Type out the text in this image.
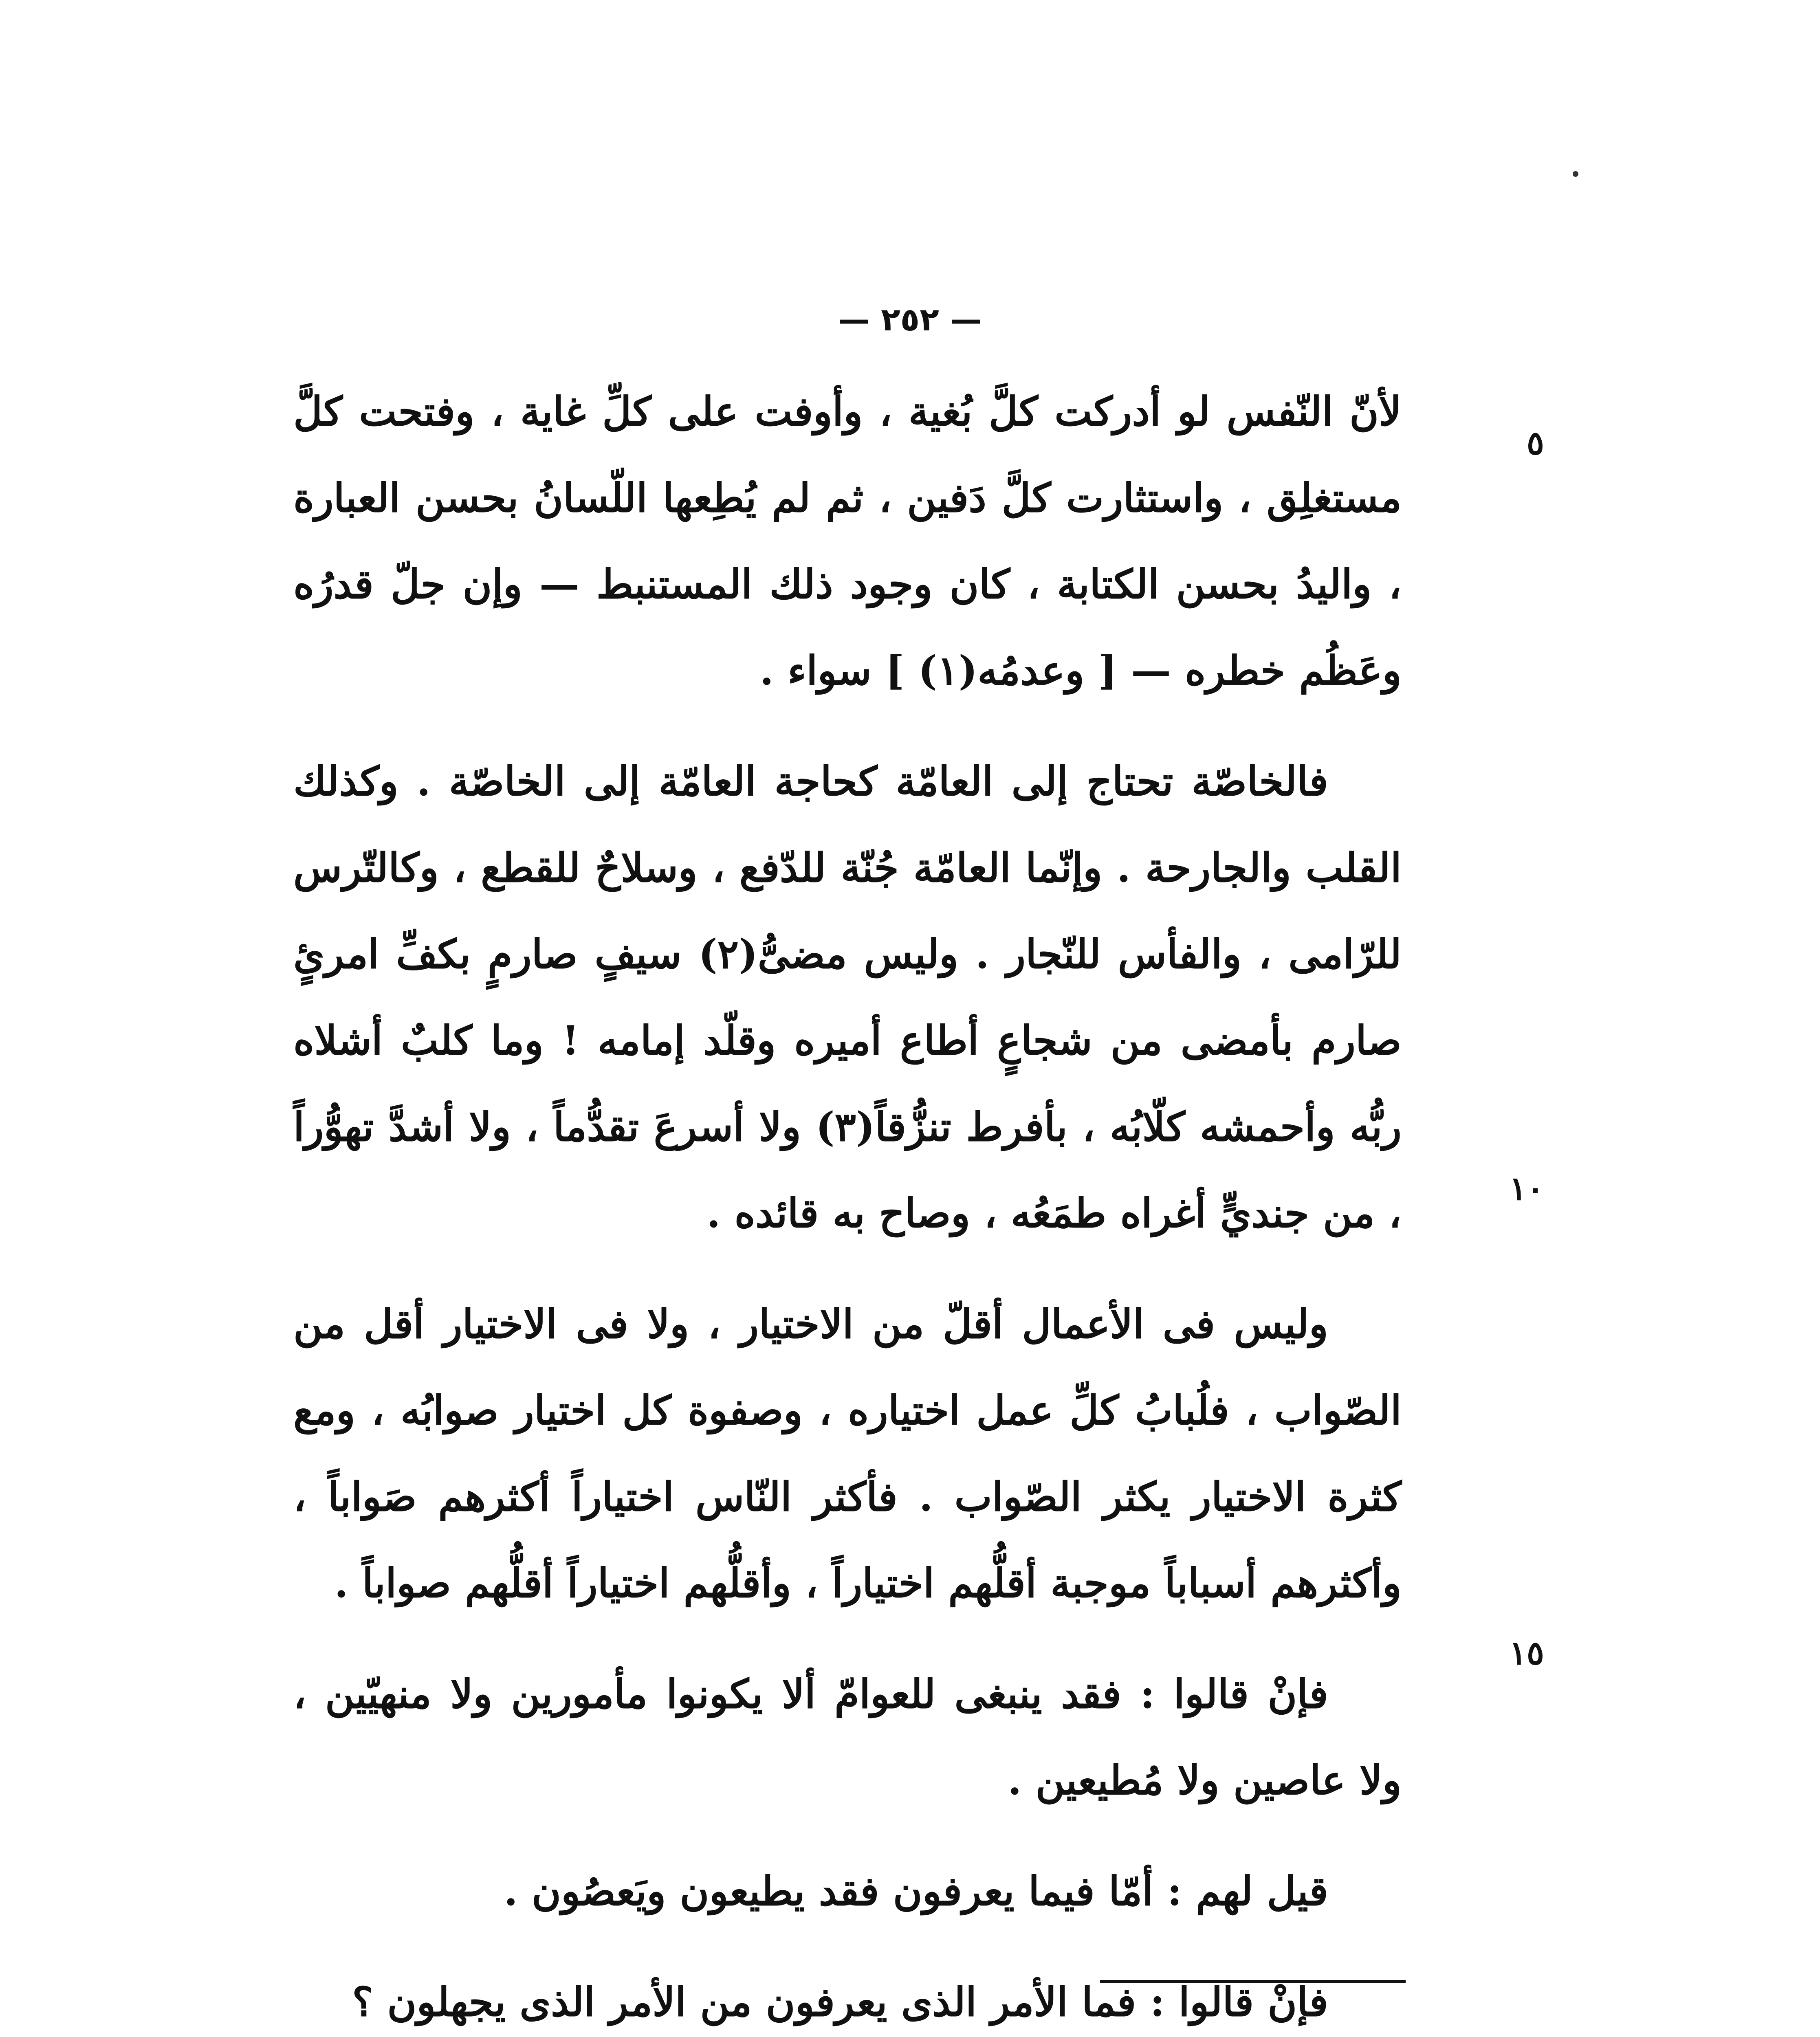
— ٢٥٢ —

لأنّ النّفس لو أدركت كلَّ بُغية ، وأوفت على كلِّ غاية ، وفتحت كلَّ مستغلِق ، واستثارت كلَّ دَفين ، ثم لم يُطِعها اللّسانُ بحسن العبارة ، واليدُ بحسن الكتابة ، كان وجود ذلك المستنبط — وإن جلّ قدرُه وعَظُم خطره — [ وعدمُه(١) ] سواء .

فالخاصّة تحتاج إلى العامّة كحاجة العامّة إلى الخاصّة . وكذلك القلب والجارحة . وإنّما العامّة جُنّة للدّفع ، وسلاحٌ للقطع ، وكالتّرس للرّامى ، والفأس للنّجار . وليس مضىُّ(٢) سيفٍ صارمٍ بكفِّ امرئٍ صارم بأمضى من شجاعٍ أطاع أميره وقلّد إمامه ! وما كلبٌ أشلاه ربُّه وأحمشه كلّابُه ، بأفرط تنزُّقاً(٣) ولا أسرعَ تقدُّماً ، ولا أشدَّ تهوُّراً ، من جنديٍّ أغراه طمَعُه ، وصاح به قائده .

وليس فى الأعمال أقلّ من الاختيار ، ولا فى الاختيار أقل من الصّواب ، فلُبابُ كلِّ عمل اختياره ، وصفوة كل اختيار صوابُه ، ومع كثرة الاختيار يكثر الصّواب . فأكثر النّاس اختياراً أكثرهم صَواباً ، وأكثرهم أسباباً موجبة أقلُّهم اختياراً ، وأقلُّهم اختياراً أقلُّهم صواباً .

فإنْ قالوا : فقد ينبغى للعوامّ ألا يكونوا مأمورين ولا منهيّين ، ولا عاصين ولا مُطيعين .

قيل لهم : أمّا فيما يعرفون فقد يطيعون ويَعصُون .

فإنْ قالوا : فما الأمر الذى يعرفون من الأمر الذى يجهلون ؟

٥
١٠
١٥
